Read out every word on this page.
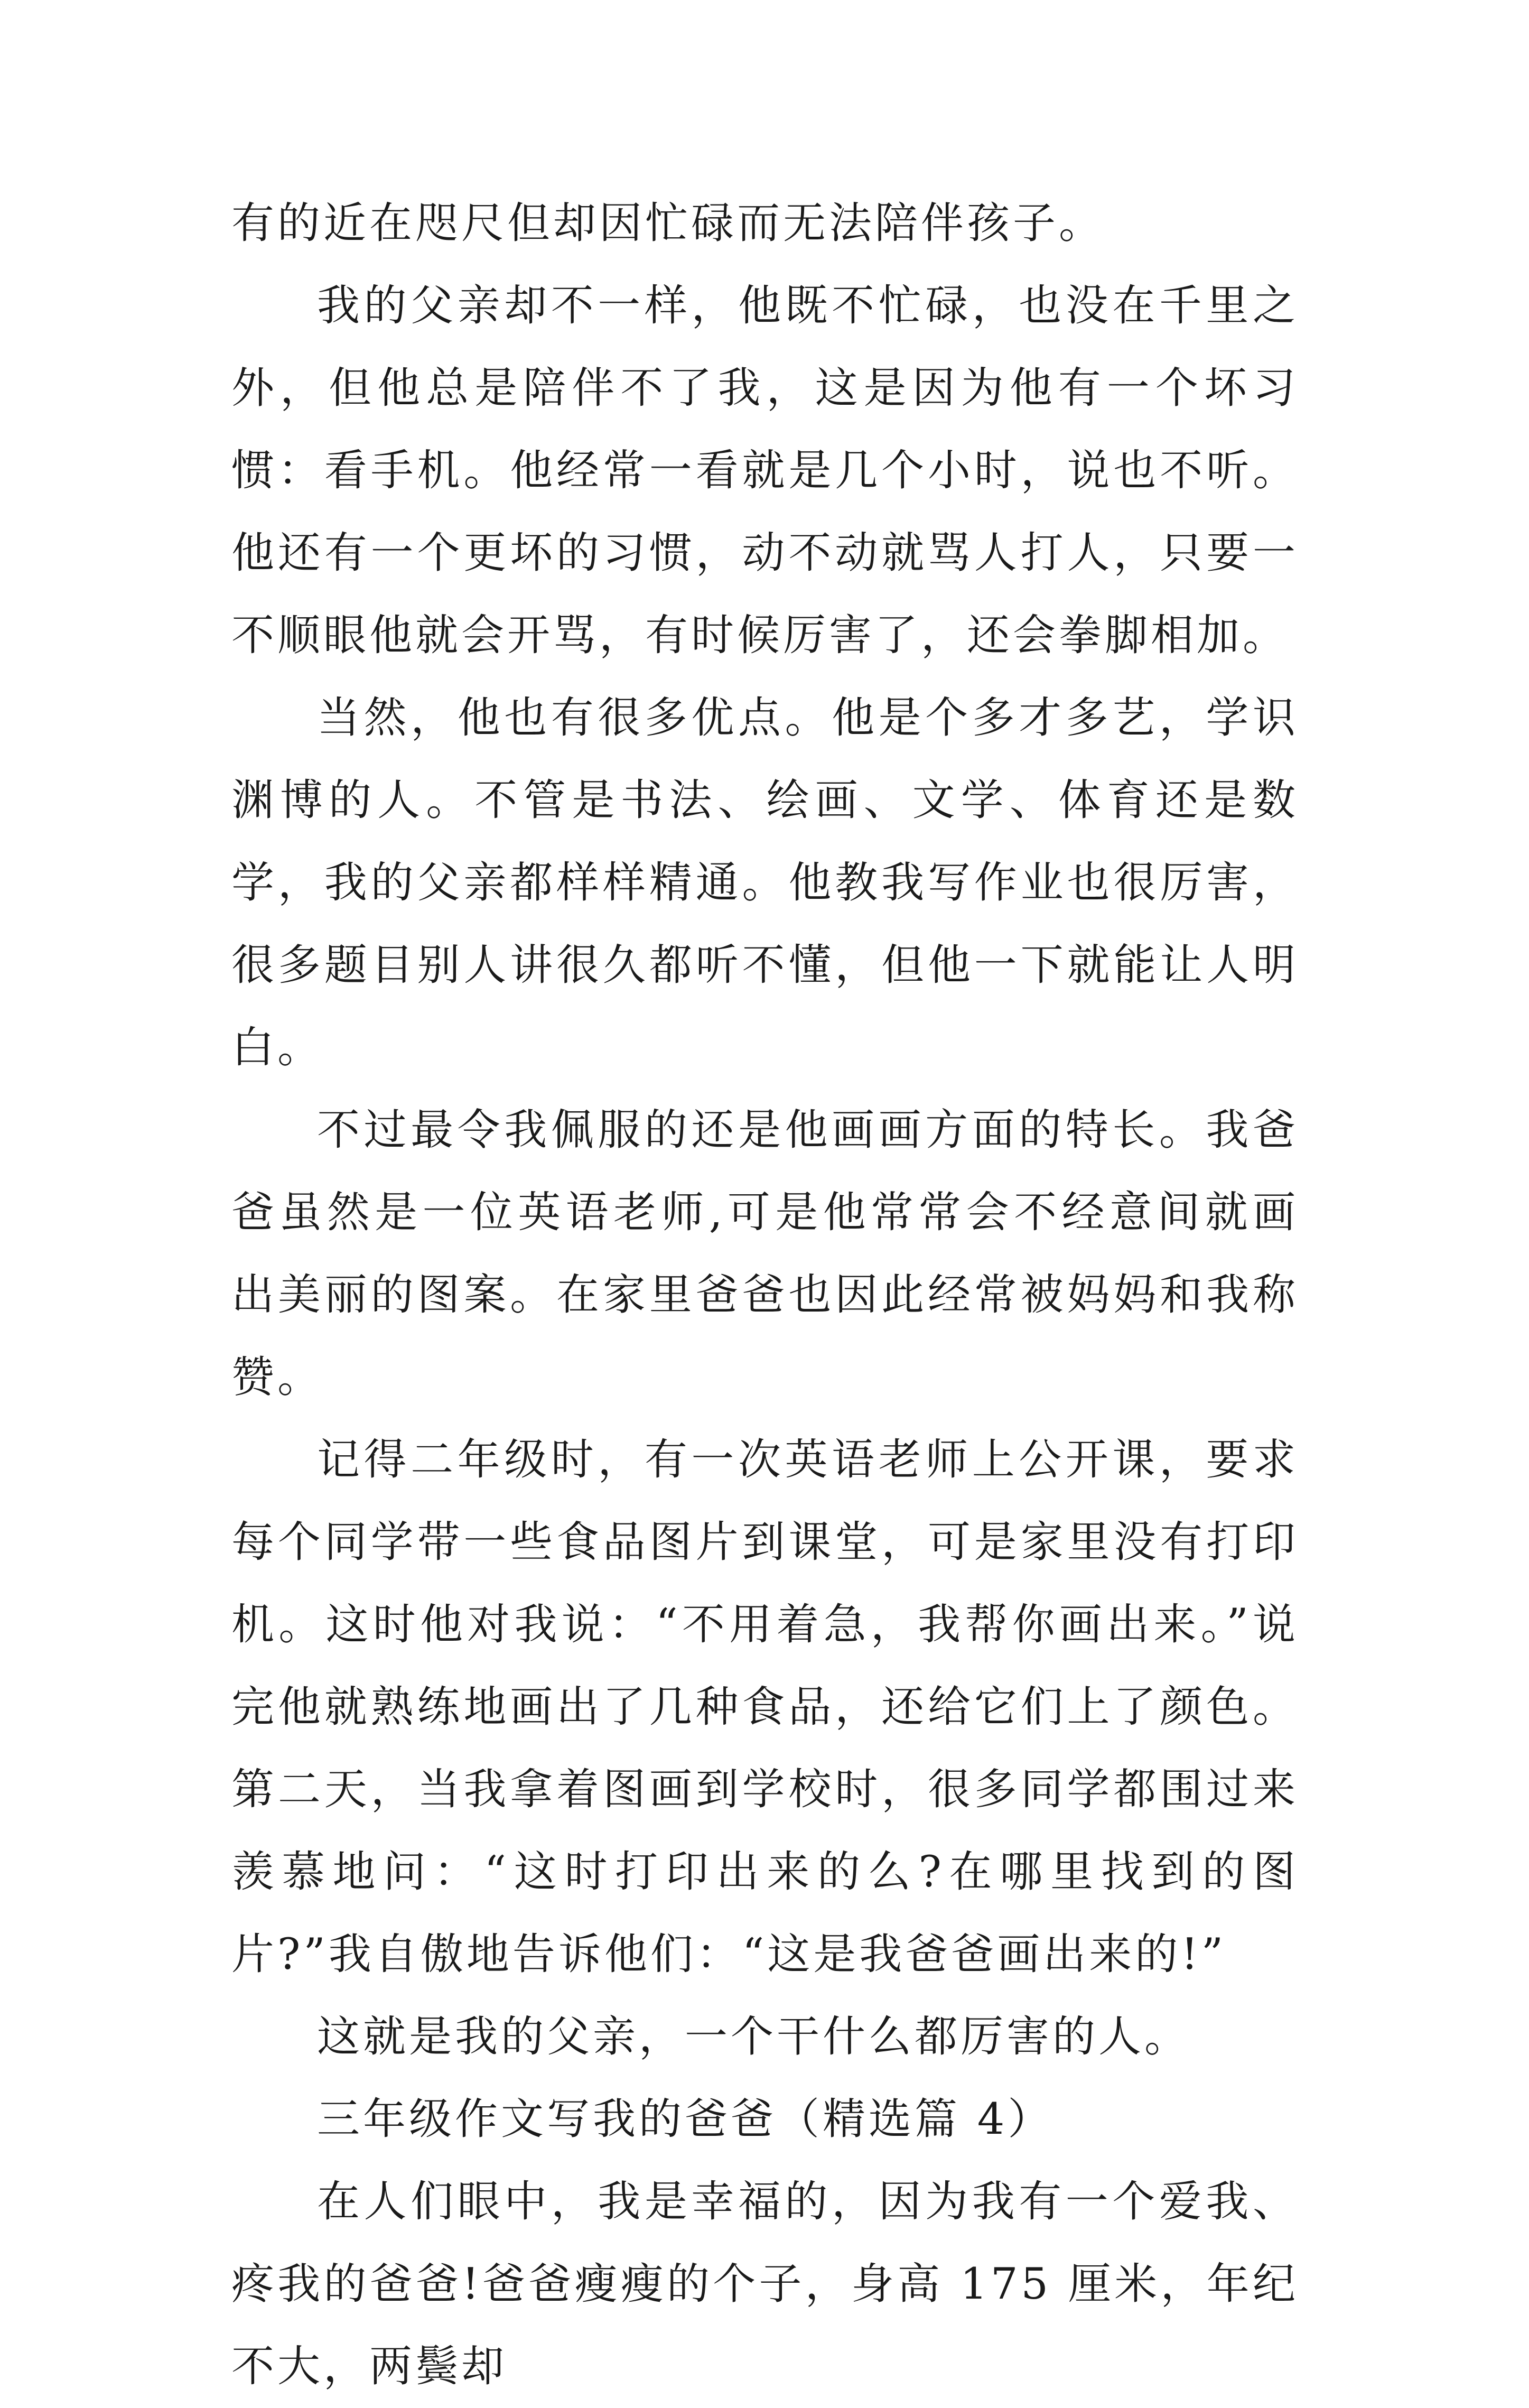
有的近在咫尺但却因忙碌而无法陪伴孩子。

我的父亲却不一样，他既不忙碌，也没在千里之外，但他总是陪伴不了我，这是因为他有一个坏习惯：看手机。他经常一看就是几个小时，说也不听。他还有一个更坏的习惯，动不动就骂人打人，只要一不顺眼他就会开骂，有时候厉害了，还会拳脚相加。

当然，他也有很多优点。他是个多才多艺，学识渊博的人。不管是书法、绘画、文学、体育还是数学，我的父亲都样样精通。他教我写作业也很厉害，很多题目别人讲很久都听不懂，但他一下就能让人明白。

不过最令我佩服的还是他画画方面的特长。我爸爸虽然是一位英语老师,可是他常常会不经意间就画出美丽的图案。在家里爸爸也因此经常被妈妈和我称赞。

记得二年级时，有一次英语老师上公开课，要求每个同学带一些食品图片到课堂，可是家里没有打印机。这时他对我说：“不用着急，我帮你画出来。”说完他就熟练地画出了几种食品，还给它们上了颜色。第二天，当我拿着图画到学校时，很多同学都围过来羡慕地问：“这时打印出来的么?在哪里找到的图片?”我自傲地告诉他们：“这是我爸爸画出来的!”

这就是我的父亲，一个干什么都厉害的人。

三年级作文写我的爸爸（精选篇 4）

在人们眼中，我是幸福的，因为我有一个爱我、疼我的爸爸!爸爸瘦瘦的个子，身高 175 厘米，年纪不大，两鬓却
